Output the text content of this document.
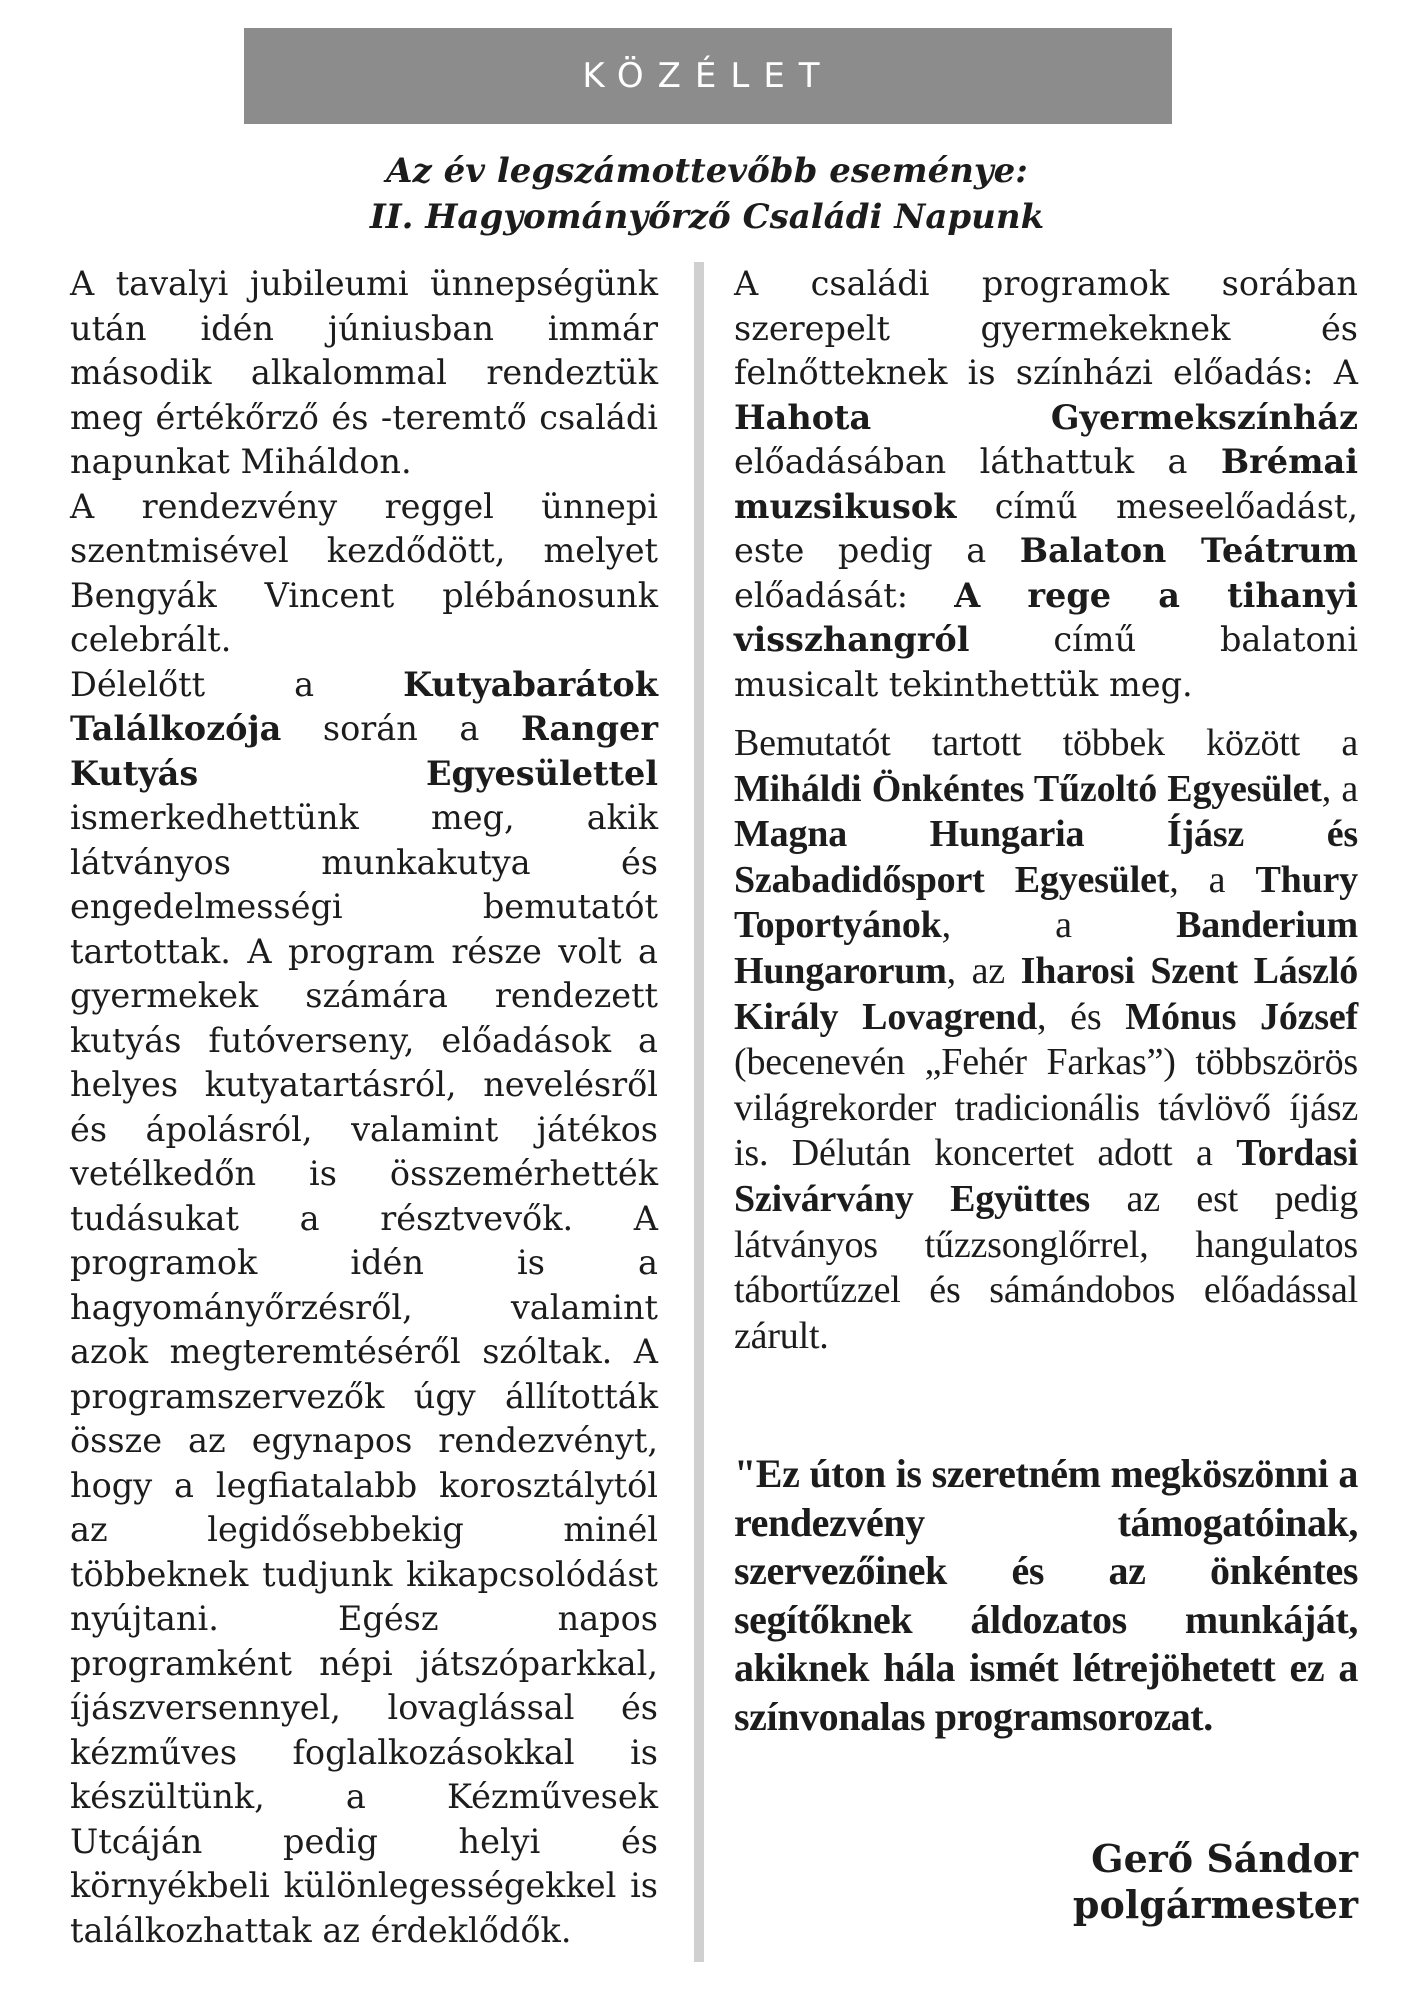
KÖZÉLET
Az év legszámottevőbb eseménye:
II. Hagyományőrző Családi Napunk

A tavalyi jubileumi ünnepségünk után idén júniusban immár második alkalommal rendeztük meg értékőrző és -teremtő családi napunkat Miháldon.

A rendezvény reggel ünnepi szentmisével kezdődött, melyet Bengyák Vincent plébánosunk celebrált.

Délelőtt a Kutyabarátok Találkozója során a Ranger Kutyás Egyesülettel ismerkedhettünk meg, akik látványos munkakutya és engedelmességi bemutatót tartottak. A program része volt a gyermekek számára rendezett kutyás futóverseny, előadások a helyes kutyatartásról, nevelésről és ápolásról, valamint játékos vetélkedőn is összemérhették tudásukat a résztvevők. A programok idén is a hagyományőrzésről, valamint azok megteremtéséről szóltak. A programszervezők úgy állították össze az egynapos rendezvényt, hogy a legfiatalabb korosztálytól az legidősebbekig minél többeknek tudjunk kikapcsolódást nyújtani. Egész napos programként népi játszóparkkal, íjászversennyel, lovaglással és kézműves foglalkozásokkal is készültünk, a Kézművesek Utcáján pedig helyi és környékbeli különlegességekkel is találkozhattak az érdeklődők.

A családi programok sorában szerepelt gyermekeknek és felnőtteknek is színházi előadás: A Hahota Gyermekszínház előadásában láthattuk a Brémai muzsikusok című meseelőadást, este pedig a Balaton Teátrum előadását: A rege a tihanyi visszhangról című balatoni musicalt tekinthettük meg.

Bemutatót tartott többek között a Miháldi Önkéntes Tűzoltó Egyesület, a Magna Hungaria Íjász és Szabadidősport Egyesület, a Thury Toportyánok, a Banderium Hungarorum, az Iharosi Szent László Király Lovagrend, és Mónus József (becenevén „Fehér Farkas”) többszörös világrekorder tradicionális távlövő íjász is. Délután koncertet adott a Tordasi Szivárvány Együttes az est pedig látványos tűzzsonglőrrel, hangulatos tábortűzzel és sámándobos előadással zárult.

"Ez úton is szeretném megköszönni a rendezvény támogatóinak, szervezőinek és az önkéntes segítőknek áldozatos munkáját, akiknek hála ismét létrejöhetett ez a színvonalas programsorozat.
Gerő Sándor
polgármester
